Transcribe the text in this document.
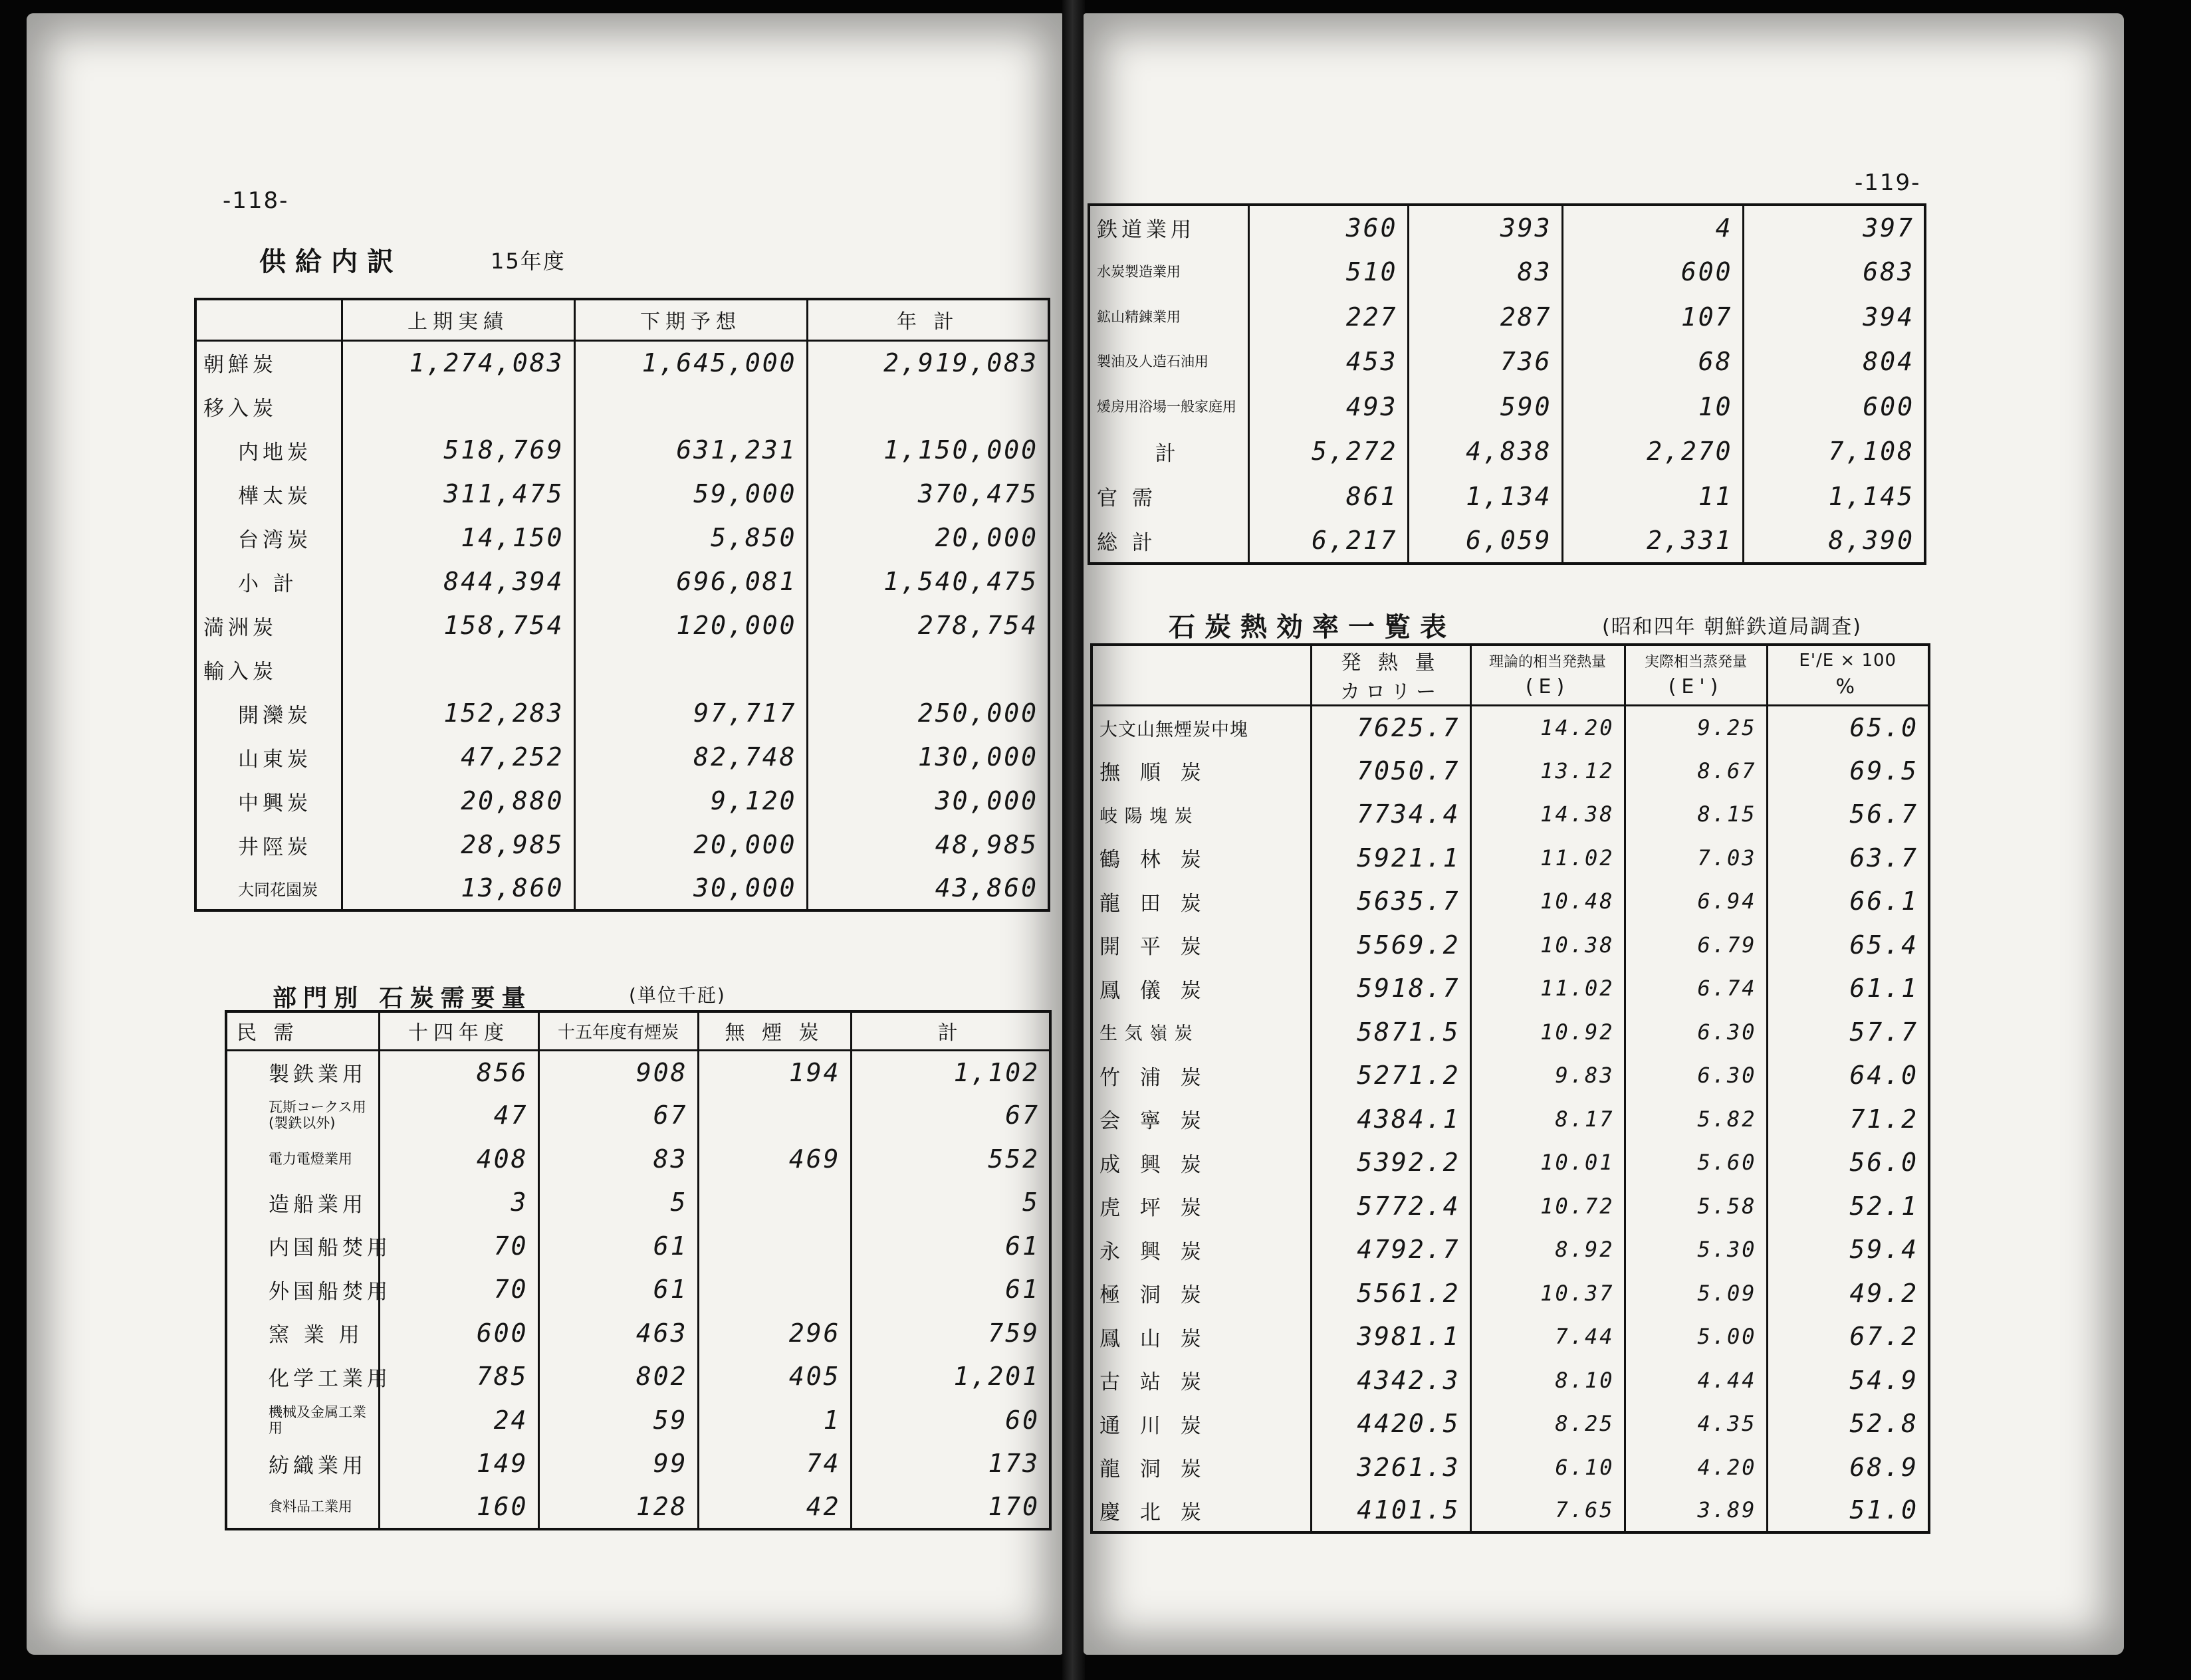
-118-
供給内訳	15年度
	上期実績	下期予想	年 計
朝鮮炭	1,274,083	1,645,000	2,919,083
移入炭			
内地炭	518,769	631,231	1,150,000
樺太炭	311,475	59,000	370,475
台湾炭	14,150	5,850	20,000
小 計	844,394	696,081	1,540,475
満洲炭	158,754	120,000	278,754
輸入炭			
開灤炭	152,283	97,717	250,000
山東炭	47,252	82,748	130,000
中興炭	20,880	9,120	30,000
井陘炭	28,985	20,000	48,985
大同花園炭	13,860	30,000	43,860
部門別 石炭需要量	(単位千瓩)
民 需	十四年度	十五年度有煙炭	無 煙 炭	計
製鉄業用	856	908	194	1,102
瓦斯コークス用(製鉄以外)	47	67		67
電力電燈業用	408	83	469	552
造船業用	3	5		5
内国船焚用	70	61		61
外国船焚用	70	61		61
窯 業 用	600	463	296	759
化学工業用	785	802	405	1,201
機械及金属工業用	24	59	1	60
紡織業用	149	99	74	173
食料品工業用	160	128	42	170
-119-
鉄道業用	360	393	4	397
水炭製造業用	510	83	600	683
鉱山精錬業用	227	287	107	394
製油及人造石油用	453	736	68	804
煖房用浴場一般家庭用	493	590	10	600
計	5,272	4,838	2,270	7,108
官 需	861	1,134	11	1,145
総 計	6,217	6,059	2,331	8,390
石炭熱効率一覧表	(昭和四年 朝鮮鉄道局調査)
	発 熱 量	理論的相当発熱量	実際相当蒸発量	E'/E × 100
	カロリー	(E)	(E')	%
大文山無煙炭中塊	7625.7	14.20	9.25	65.0
撫 順 炭	7050.7	13.12	8.67	69.5
岐 陽 塊 炭	7734.4	14.38	8.15	56.7
鶴 林 炭	5921.1	11.02	7.03	63.7
龍 田 炭	5635.7	10.48	6.94	66.1
開 平 炭	5569.2	10.38	6.79	65.4
鳳 儀 炭	5918.7	11.02	6.74	61.1
生 気 嶺 炭	5871.5	10.92	6.30	57.7
竹 浦 炭	5271.2	9.83	6.30	64.0
会 寧 炭	4384.1	8.17	5.82	71.2
成 興 炭	5392.2	10.01	5.60	56.0
虎 坪 炭	5772.4	10.72	5.58	52.1
永 興 炭	4792.7	8.92	5.30	59.4
極 洞 炭	5561.2	10.37	5.09	49.2
鳳 山 炭	3981.1	7.44	5.00	67.2
古 站 炭	4342.3	8.10	4.44	54.9
通 川 炭	4420.5	8.25	4.35	52.8
龍 洞 炭	3261.3	6.10	4.20	68.9
慶 北 炭	4101.5	7.65	3.89	51.0
